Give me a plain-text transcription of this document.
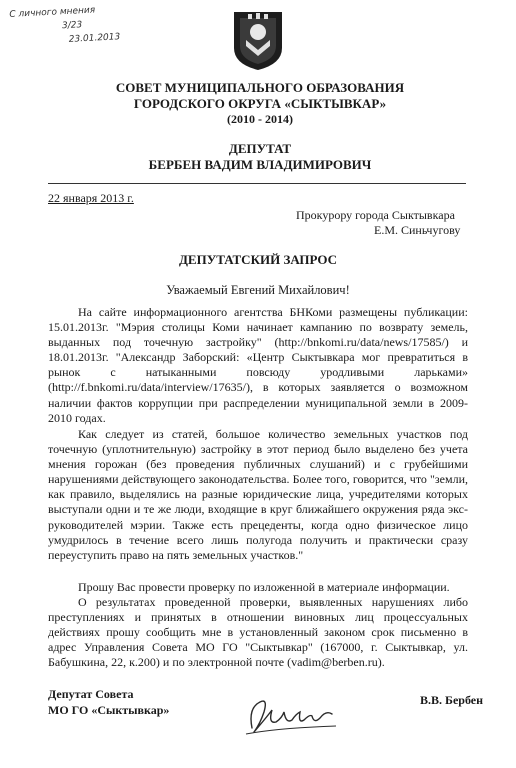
С личного мнения
3/23
23.01.2013
СОВЕТ МУНИЦИПАЛЬНОГО ОБРАЗОВАНИЯ
ГОРОДСКОГО ОКРУГА «СЫКТЫВКАР»
(2010 - 2014)
ДЕПУТАТ
БЕРБЕН ВАДИМ ВЛАДИМИРОВИЧ
22 января 2013 г.
Прокурору города Сыктывкара
Е.М. Синьчугову
ДЕПУТАТСКИЙ ЗАПРОС
Уважаемый Евгений Михайлович!
На сайте информационного агентства БНКоми размещены публикации: 15.01.2013г. "Мэрия столицы Коми начинает кампанию по возврату земель, выданных под точечную застройку" (http://bnkomi.ru/data/news/17585/) и 18.01.2013г. "Александр Заборский: «Центр Сыктывкара мог превратиться в рынок с натыканными повсюду уродливыми ларьками» (http://f.bnkomi.ru/data/interview/17635/), в которых заявляется о возможном наличии фактов коррупции при распределении муниципальной земли в 2009-2010 годах.
Как следует из статей, большое количество земельных участков под точечную (уплотнительную) застройку в этот период было выделено без учета мнения горожан (без проведения публичных слушаний) и с грубейшими нарушениями действующего законодательства. Более того, говорится, что "земли, как правило, выделялись на разные юридические лица, учредителями которых выступали одни и те же люди, входящие в круг ближайшего окружения ряда экс-руководителей мэрии. Также есть прецеденты, когда одно физическое лицо умудрилось в течение всего лишь полугода получить и практически сразу переуступить право на пять земельных участков."
Прошу Вас провести проверку по изложенной в материале информации.
О результатах проведенной проверки, выявленных нарушениях либо преступлениях и принятых в отношении виновных лиц процессуальных действиях прошу сообщить мне в установленный законом срок письменно в адрес Управления Совета МО ГО "Сыктывкар" (167000, г. Сыктывкар, ул. Бабушкина, 22, к.200) и по электронной почте (vadim@berben.ru).
Депутат Совета
МО ГО «Сыктывкар»
В.В. Бербен
